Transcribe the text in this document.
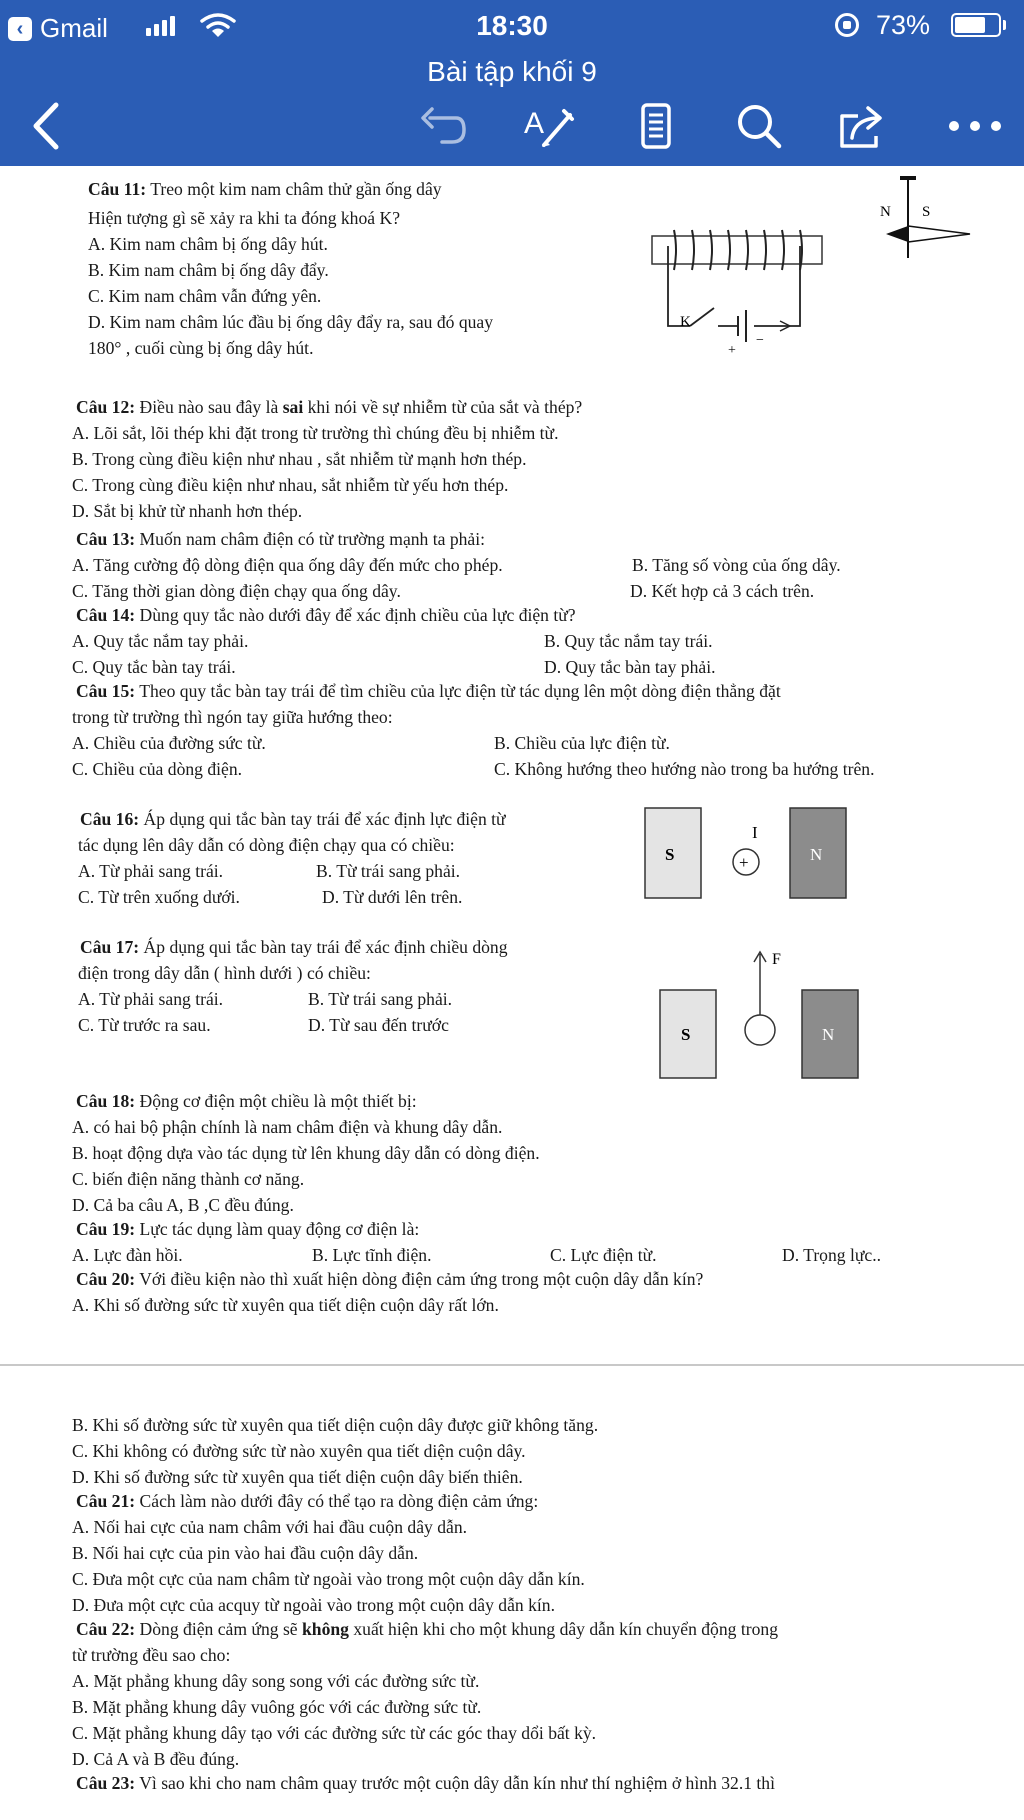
‹ Gmail	18:30	73%
Bài tập khối 9
A
Câu 11: Treo một kim nam châm thử gần ống dây
Hiện tượng gì sẽ xảy ra khi ta đóng khoá K?
A. Kim nam châm bị ống dây hút.
B. Kim nam châm bị ống dây đẩy.
C. Kim nam châm vẫn đứng yên.
D. Kim nam châm lúc đầu bị ống dây đẩy ra, sau đó quay
180° , cuối cùng bị ống dây hút.
K
+
−
N S
Câu 12: Điều nào sau đây là sai khi nói về sự nhiễm từ của sắt và thép?
A. Lõi sắt, lõi thép khi đặt trong từ trường thì chúng đều bị nhiễm từ.
B. Trong cùng điều kiện như nhau , sắt nhiễm từ mạnh hơn thép.
C. Trong cùng điều kiện như nhau, sắt nhiễm từ yếu hơn thép.
D. Sắt bị khử từ nhanh hơn thép.
Câu 13: Muốn nam châm điện có từ trường mạnh ta phải:
A. Tăng cường độ dòng điện qua ống dây đến mức cho phép.	B. Tăng số vòng của ống dây.
C. Tăng thời gian dòng điện chạy qua ống dây.	D. Kết hợp cả 3 cách trên.
Câu 14: Dùng quy tắc nào dưới đây để xác định chiều của lực điện từ?
A. Quy tắc nắm tay phải.	B. Quy tắc nắm tay trái.
C. Quy tắc bàn tay trái.	D. Quy tắc bàn tay phải.
Câu 15: Theo quy tắc bàn tay trái để tìm chiều của lực điện từ tác dụng lên một dòng điện thẳng đặt
trong từ trường thì ngón tay giữa hướng theo:
A. Chiều của đường sức từ.	B. Chiều của lực điện từ.
C. Chiều của dòng điện.	C. Không hướng theo hướng nào trong ba hướng trên.
Câu 16: Áp dụng qui tắc bàn tay trái để xác định lực điện từ
tác dụng lên dây dẫn có dòng điện chạy qua có chiều:
A. Từ phải sang trái.	B. Từ trái sang phải.
C. Từ trên xuống dưới.	D. Từ dưới lên trên.
S	N
+
I
Câu 17: Áp dụng qui tắc bàn tay trái để xác định chiều dòng
điện trong dây dẫn ( hình dưới ) có chiều:
A. Từ phải sang trái.	B. Từ trái sang phải.
C. Từ trước ra sau.	D. Từ sau đến trước	S	N
F
Câu 18: Động cơ điện một chiều là một thiết bị:
A. có hai bộ phận chính là nam châm điện và khung dây dẫn.
B. hoạt động dựa vào tác dụng từ lên khung dây dẫn có dòng điện.
C. biến điện năng thành cơ năng.
D. Cả ba câu A, B ,C đều đúng.
Câu 19: Lực tác dụng làm quay động cơ điện là:
A. Lực đàn hồi.	B. Lực tĩnh điện.	C. Lực điện từ.	D. Trọng lực..
Câu 20: Với điều kiện nào thì xuất hiện dòng điện cảm ứng trong một cuộn dây dẫn kín?
A. Khi số đường sức từ xuyên qua tiết diện cuộn dây rất lớn.
B. Khi số đường sức từ xuyên qua tiết diện cuộn dây được giữ không tăng.
C. Khi không có đường sức từ nào xuyên qua tiết diện cuộn dây.
D. Khi số đường sức từ xuyên qua tiết diện cuộn dây biến thiên.
Câu 21: Cách làm nào dưới đây có thể tạo ra dòng điện cảm ứng:
A. Nối hai cực của nam châm với hai đầu cuộn dây dẫn.
B. Nối hai cực của pin vào hai đầu cuộn dây dẫn.
C. Đưa một cực của nam châm từ ngoài vào trong một cuộn dây dẫn kín.
D. Đưa một cực của acquy từ ngoài vào trong một cuộn dây dẫn kín.
Câu 22: Dòng điện cảm ứng sẽ không xuất hiện khi cho một khung dây dẫn kín chuyển động trong
từ trường đều sao cho:
A. Mặt phẳng khung dây song song với các đường sức từ.
B. Mặt phẳng khung dây vuông góc với các đường sức từ.
C. Mặt phẳng khung dây tạo với các đường sức từ các góc thay dổi bất kỳ.
D. Cả A và B đều đúng.
Câu 23: Vì sao khi cho nam châm quay trước một cuộn dây dẫn kín như thí nghiệm ở hình 32.1 thì
